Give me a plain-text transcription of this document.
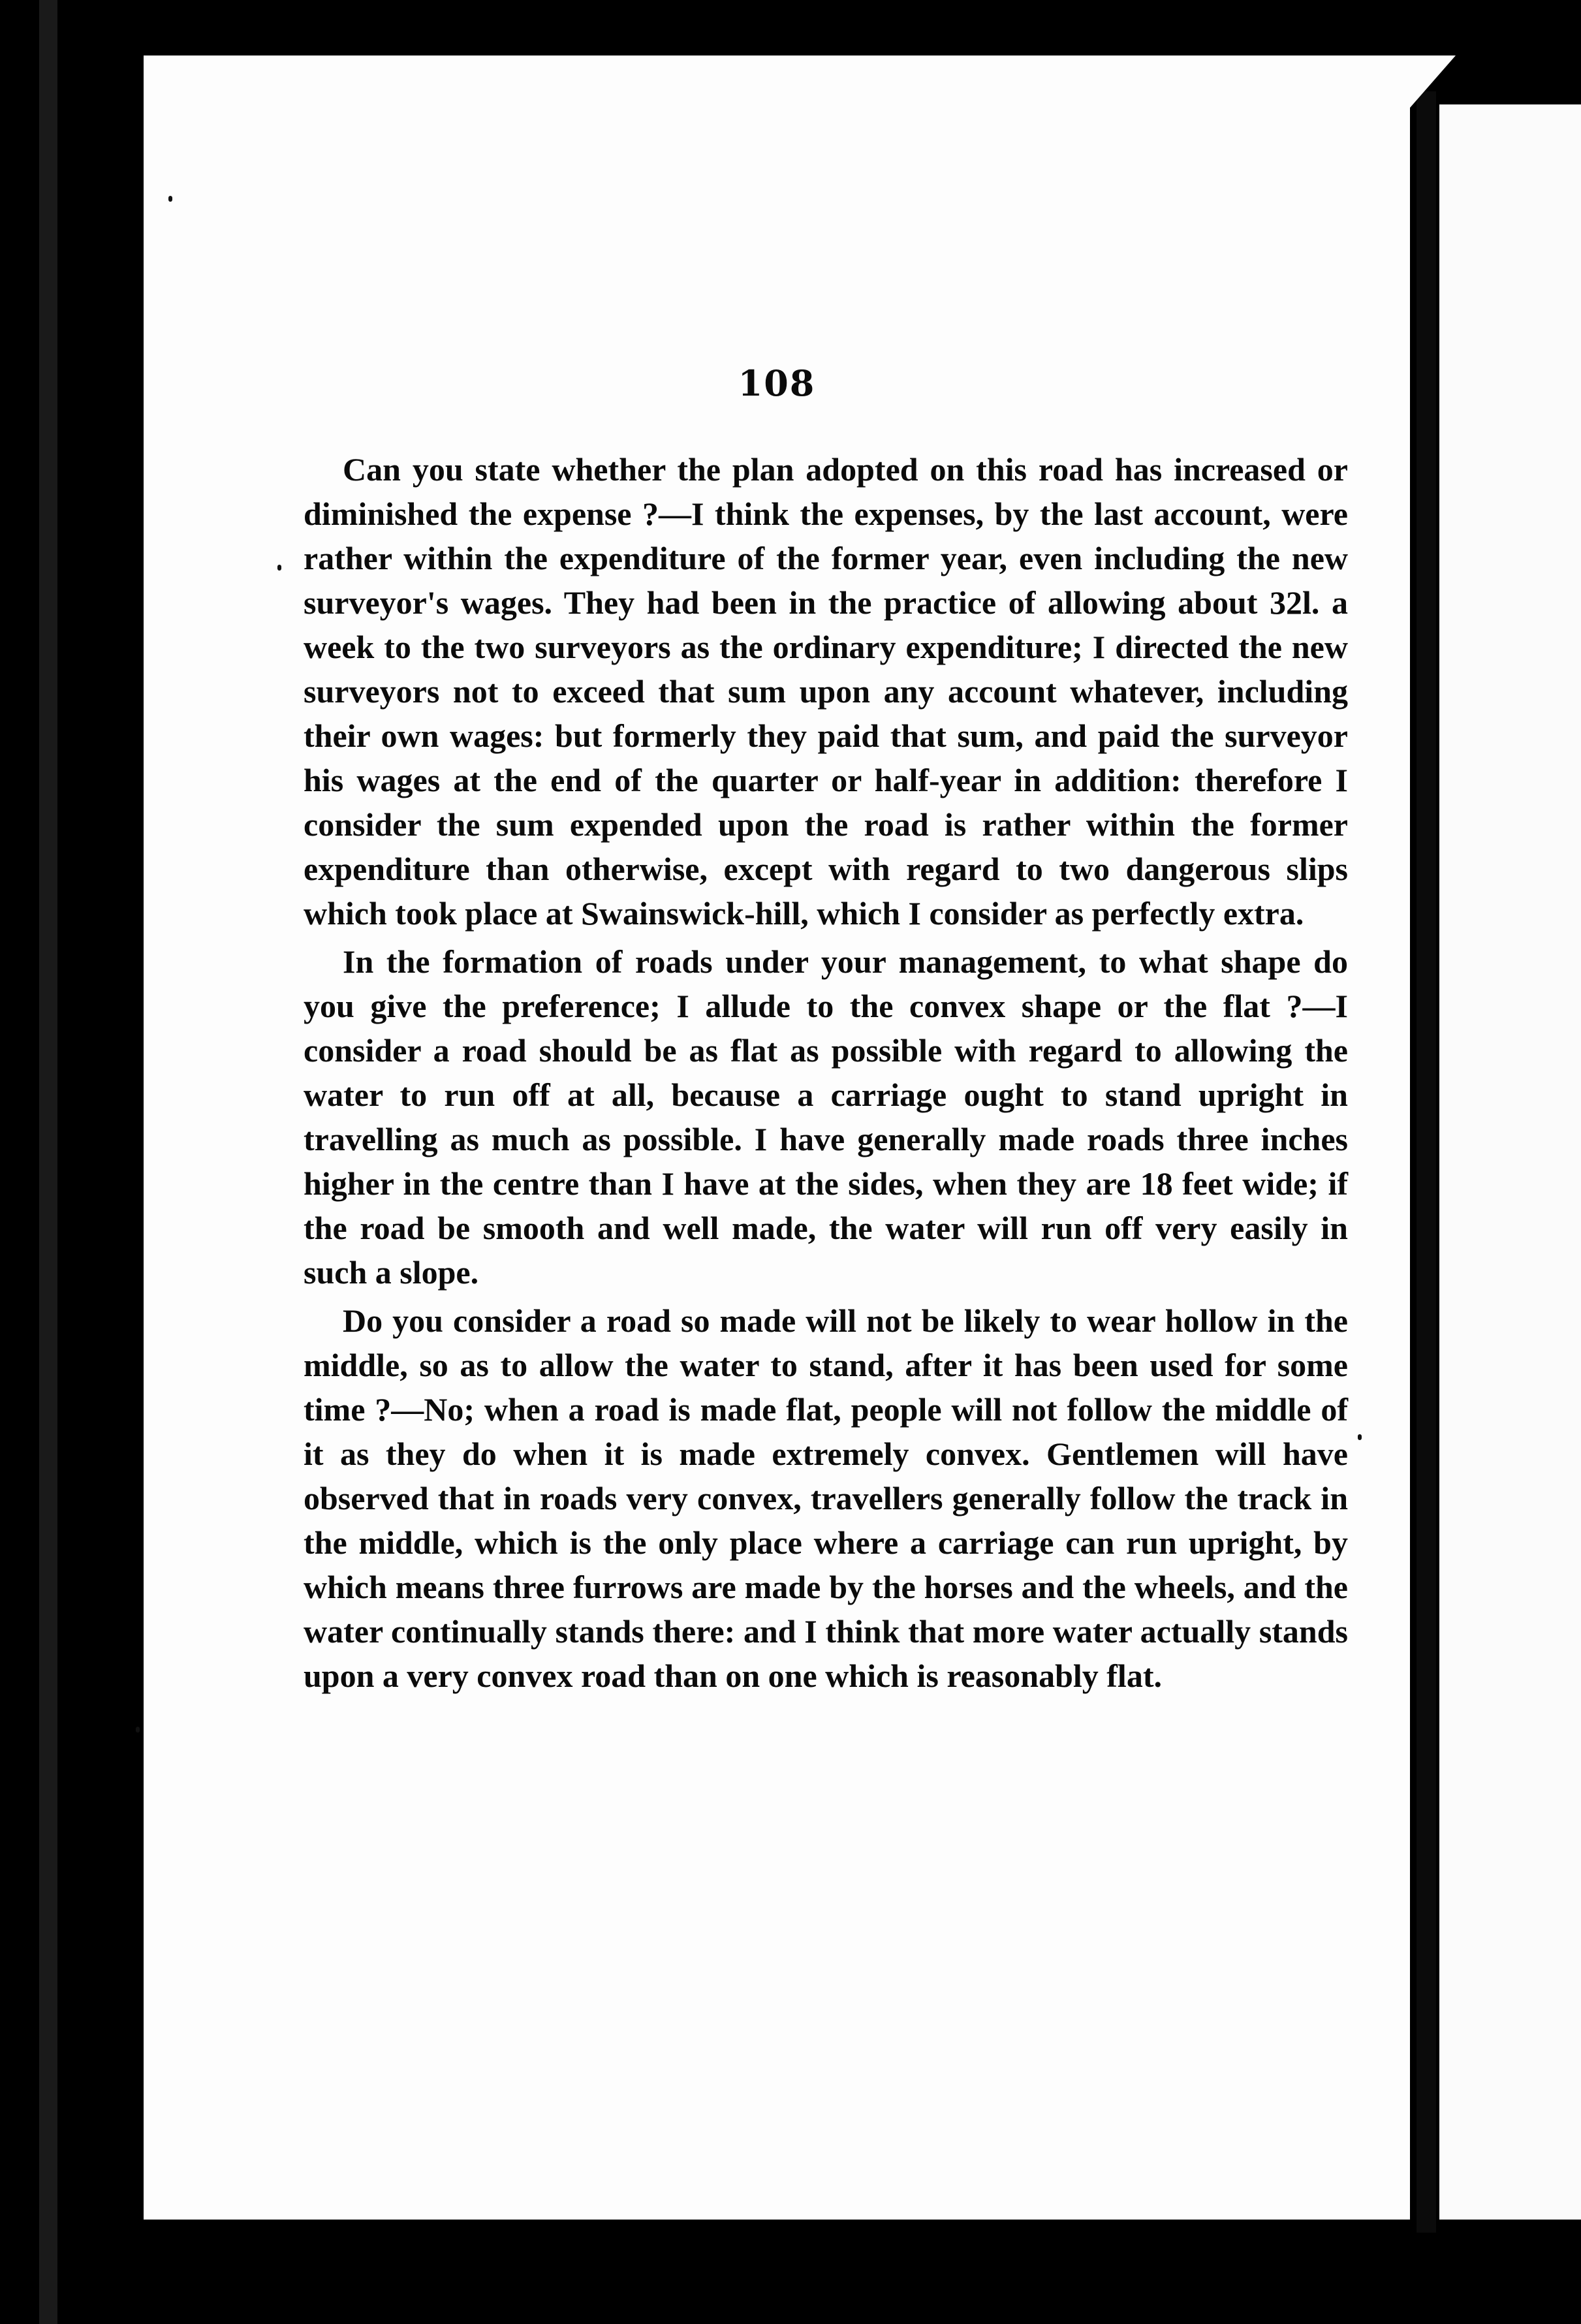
108

Can you state whether the plan adopted on this road has increased or diminished the expense ?—I think the expenses, by the last account, were rather within the expenditure of the former year, even including the new surveyor's wages. They had been in the practice of allowing about 32l. a week to the two surveyors as the ordinary expenditure; I directed the new surveyors not to exceed that sum upon any account whatever, including their own wages: but formerly they paid that sum, and paid the surveyor his wages at the end of the quarter or half-year in addition: therefore I consider the sum expended upon the road is rather within the former expenditure than otherwise, except with regard to two dangerous slips which took place at Swainswick-hill, which I consider as perfectly extra.

In the formation of roads under your management, to what shape do you give the preference; I allude to the convex shape or the flat ?—I consider a road should be as flat as possible with regard to allowing the water to run off at all, because a carriage ought to stand upright in travelling as much as possible. I have generally made roads three inches higher in the centre than I have at the sides, when they are 18 feet wide; if the road be smooth and well made, the water will run off very easily in such a slope.

Do you consider a road so made will not be likely to wear hollow in the middle, so as to allow the water to stand, after it has been used for some time ?—No; when a road is made flat, people will not follow the middle of it as they do when it is made extremely convex. Gentlemen will have observed that in roads very convex, travellers generally follow the track in the middle, which is the only place where a carriage can run upright, by which means three furrows are made by the horses and the wheels, and the water continually stands there: and I think that more water actually stands upon a very convex road than on one which is reasonably flat.
